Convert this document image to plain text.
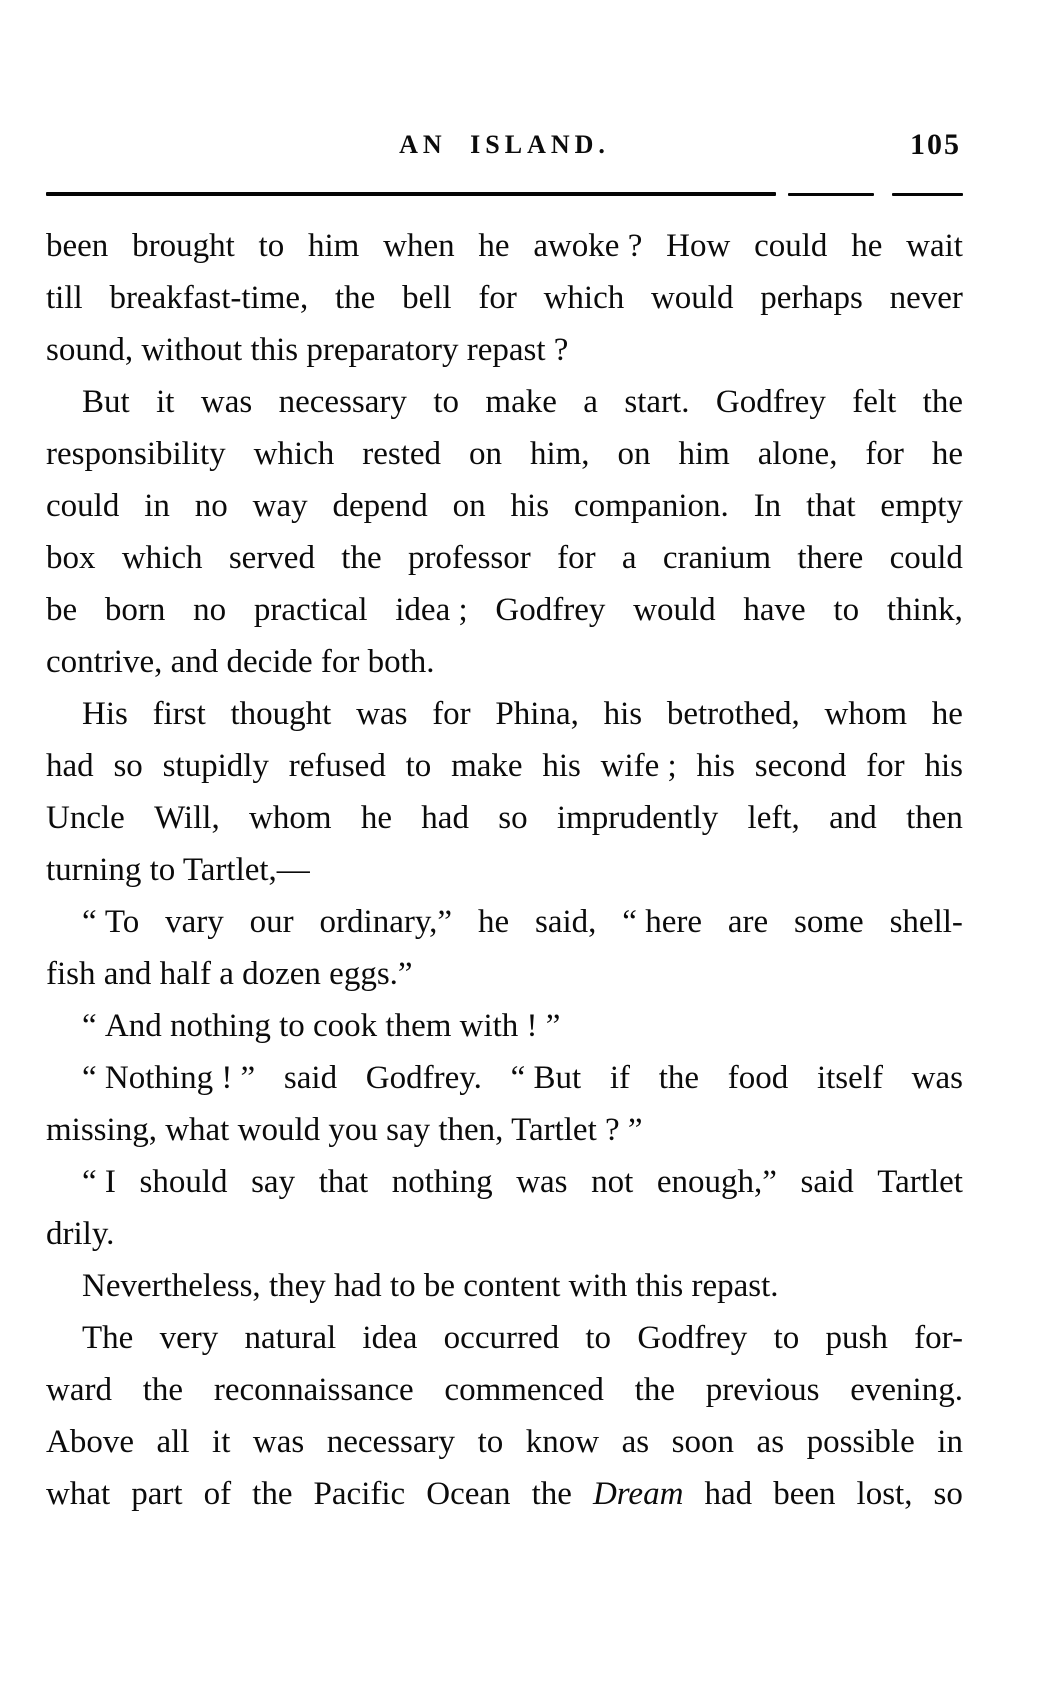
AN ISLAND.	105
been brought to him when he awoke ? How could he wait
till breakfast-time, the bell for which would perhaps never
sound, without this preparatory repast ?
But it was necessary to make a start. Godfrey felt the
responsibility which rested on him, on him alone, for he
could in no way depend on his companion. In that empty
box which served the professor for a cranium there could
be born no practical idea ; Godfrey would have to think,
contrive, and decide for both.
His first thought was for Phina, his betrothed, whom he
had so stupidly refused to make his wife ; his second for his
Uncle Will, whom he had so imprudently left, and then
turning to Tartlet,—
“ To vary our ordinary,” he said, “ here are some shell-
fish and half a dozen eggs.”
“ And nothing to cook them with ! ”
“ Nothing ! ” said Godfrey. “ But if the food itself was
missing, what would you say then, Tartlet ? ”
“ I should say that nothing was not enough,” said Tartlet
drily.
Nevertheless, they had to be content with this repast.
The very natural idea occurred to Godfrey to push for-
ward the reconnaissance commenced the previous evening.
Above all it was necessary to know as soon as possible in
what part of the Pacific Ocean the Dream had been lost, so
